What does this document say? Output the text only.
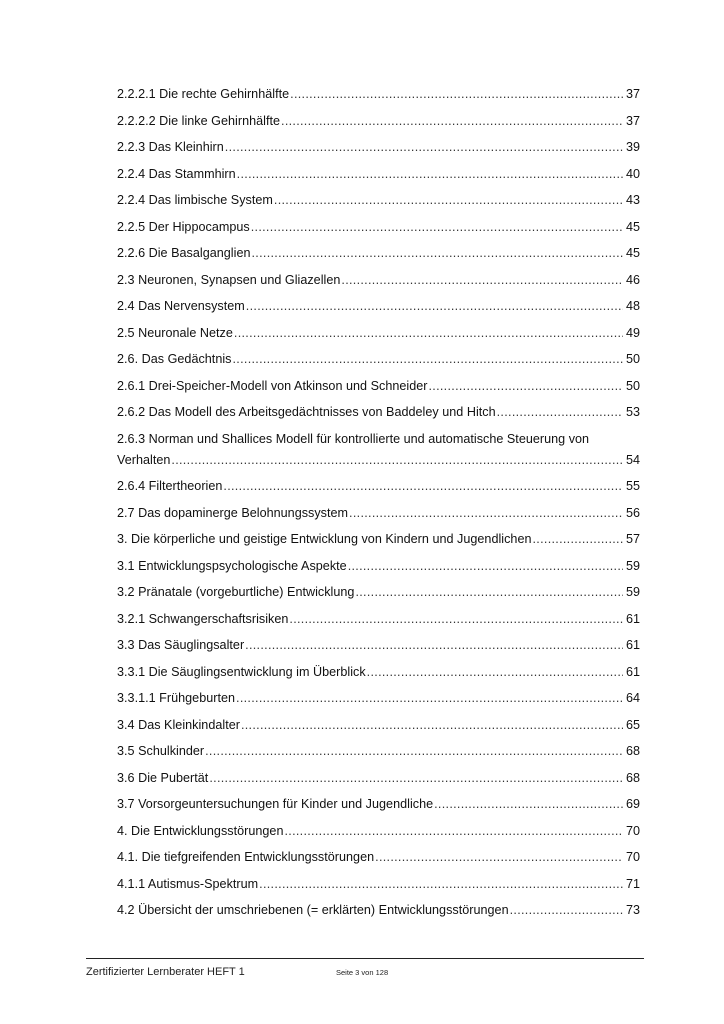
2.2.2.1 Die rechte Gehirnhälfte . . .	37
2.2.2.2 Die linke Gehirnhälfte . . .	37
2.2.3 Das Kleinhirn . . .	39
2.2.4 Das Stammhirn . . .	40
2.2.4 Das limbische System . . .	43
2.2.5 Der Hippocampus . . .	45
2.2.6 Die Basalganglien . . .	45
2.3 Neuronen, Synapsen und Gliazellen . . .	46
2.4 Das Nervensystem . . .	48
2.5 Neuronale Netze . . .	49
2.6. Das Gedächtnis . . .	50
2.6.1 Drei-Speicher-Modell von Atkinson und Schneider . . .	50
2.6.2 Das Modell des Arbeitsgedächtnisses von Baddeley und Hitch . . .	53
2.6.3 Norman und Shallices Modell für kontrollierte und automatische Steuerung von
Verhalten . . .	54
2.6.4 Filtertheorien . . .	55
2.7 Das dopaminerge Belohnungssystem . . .	56
3. Die körperliche und geistige Entwicklung von Kindern und Jugendlichen . . .	57
3.1 Entwicklungspsychologische Aspekte . . .	59
3.2 Pränatale (vorgeburtliche) Entwicklung . . .	59
3.2.1 Schwangerschaftsrisiken . . .	61
3.3 Das Säuglingsalter . . .	61
3.3.1 Die Säuglingsentwicklung im Überblick . . .	61
3.3.1.1 Frühgeburten . . .	64
3.4 Das Kleinkindalter . . .	65
3.5 Schulkinder . . .	68
3.6 Die Pubertät . . .	68
3.7 Vorsorgeuntersuchungen für Kinder und Jugendliche . . .	69
4. Die Entwicklungsstörungen . . .	70
4.1. Die tiefgreifenden Entwicklungsstörungen . . .	70
4.1.1 Autismus-Spektrum . . .	71
4.2 Übersicht der umschriebenen (= erklärten) Entwicklungsstörungen . . .	73
Zertifizierter Lernberater HEFT 1	Seite 3 von 128
